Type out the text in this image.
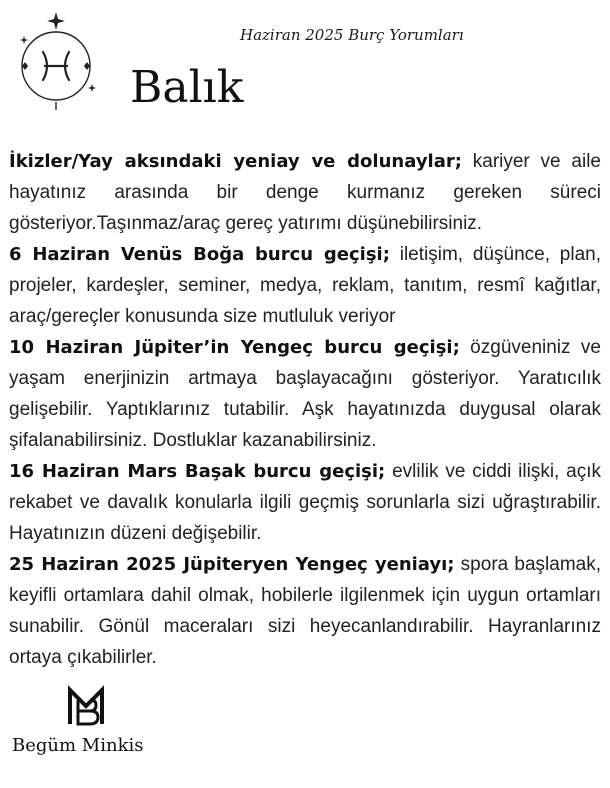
Haziran 2025 Burç Yorumları
Balık

İkizler/Yay aksındaki yeniay ve dolunaylar; kariyer ve aile hayatınız arasında bir denge kurmanız gereken süreci gösteriyor.Taşınmaz/araç gereç yatırımı düşünebilirsiniz.

6 Haziran Venüs Boğa burcu geçişi; iletişim, düşünce, plan, projeler, kardeşler, seminer, medya, reklam, tanıtım, resmî kağıtlar, araç/gereçler konusunda size mutluluk veriyor

10 Haziran Jüpiter’in Yengeç burcu geçişi; özgüveniniz ve yaşam enerjinizin artmaya başlayacağını gösteriyor. Yaratıcılık gelişebilir. Yaptıklarınız tutabilir. Aşk hayatınızda duygusal olarak şifalanabilirsiniz. Dostluklar kazanabilirsiniz.

16 Haziran Mars Başak burcu geçişi; evlilik ve ciddi ilişki, açık rekabet ve davalık konularla ilgili geçmiş sorunlarla sizi uğraştırabilir. Hayatınızın düzeni değişebilir.

25 Haziran 2025 Jüpiteryen Yengeç yeniayı; spora başlamak, keyifli ortamlara dahil olmak, hobilerle ilgilenmek için uygun ortamları sunabilir. Gönül maceraları sizi heyecanlandırabilir. Hayranlarınız ortaya çıkabilirler.

Begüm Minkis
